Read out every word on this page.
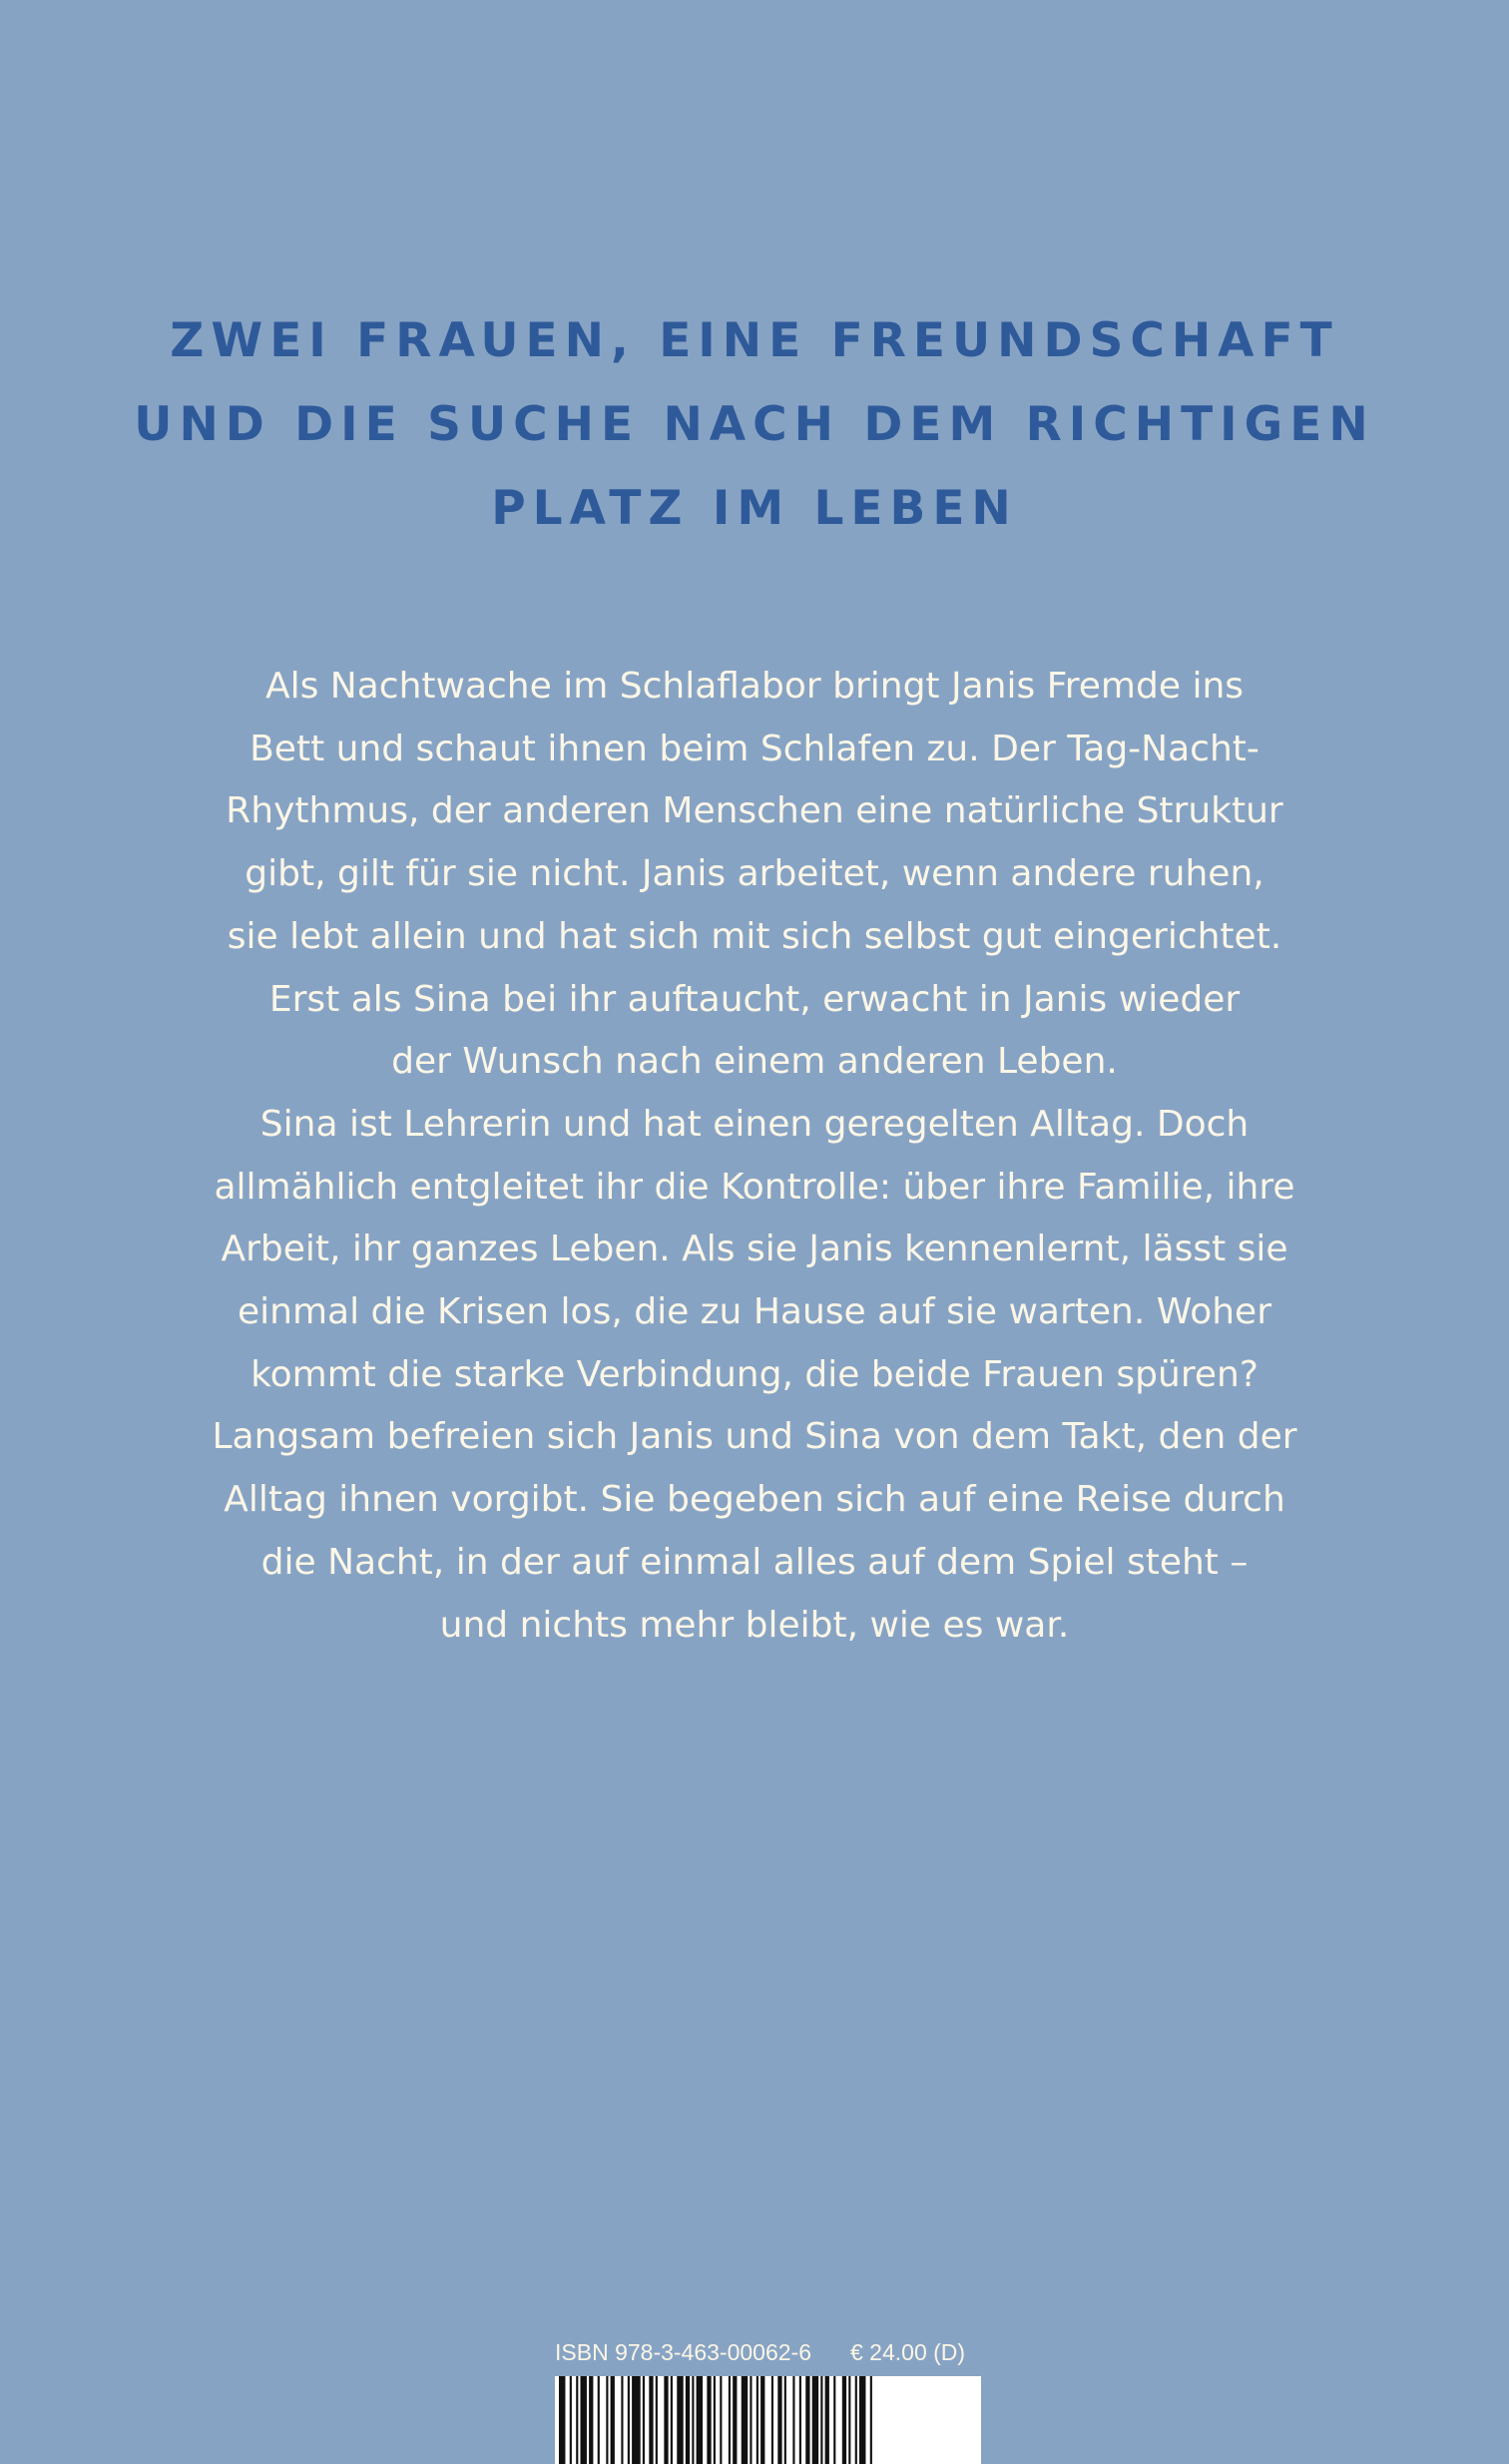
ZWEI FRAUEN, EINE FREUNDSCHAFT
UND DIE SUCHE NACH DEM RICHTIGEN
PLATZ IM LEBEN
Als Nachtwache im Schlaflabor bringt Janis Fremde ins
Bett und schaut ihnen beim Schlafen zu. Der Tag-Nacht-
Rhythmus, der anderen Menschen eine natürliche Struktur
gibt, gilt für sie nicht. Janis arbeitet, wenn andere ruhen,
sie lebt allein und hat sich mit sich selbst gut eingerichtet.
Erst als Sina bei ihr auftaucht, erwacht in Janis wieder
der Wunsch nach einem anderen Leben.
Sina ist Lehrerin und hat einen geregelten Alltag. Doch
allmählich entgleitet ihr die Kontrolle: über ihre Familie, ihre
Arbeit, ihr ganzes Leben. Als sie Janis kennenlernt, lässt sie
einmal die Krisen los, die zu Hause auf sie warten. Woher
kommt die starke Verbindung, die beide Frauen spüren?
Langsam befreien sich Janis und Sina von dem Takt, den der
Alltag ihnen vorgibt. Sie begeben sich auf eine Reise durch
die Nacht, in der auf einmal alles auf dem Spiel steht –
und nichts mehr bleibt, wie es war.
ISBN 978-3-463-00062-6 € 24.00 (D)
